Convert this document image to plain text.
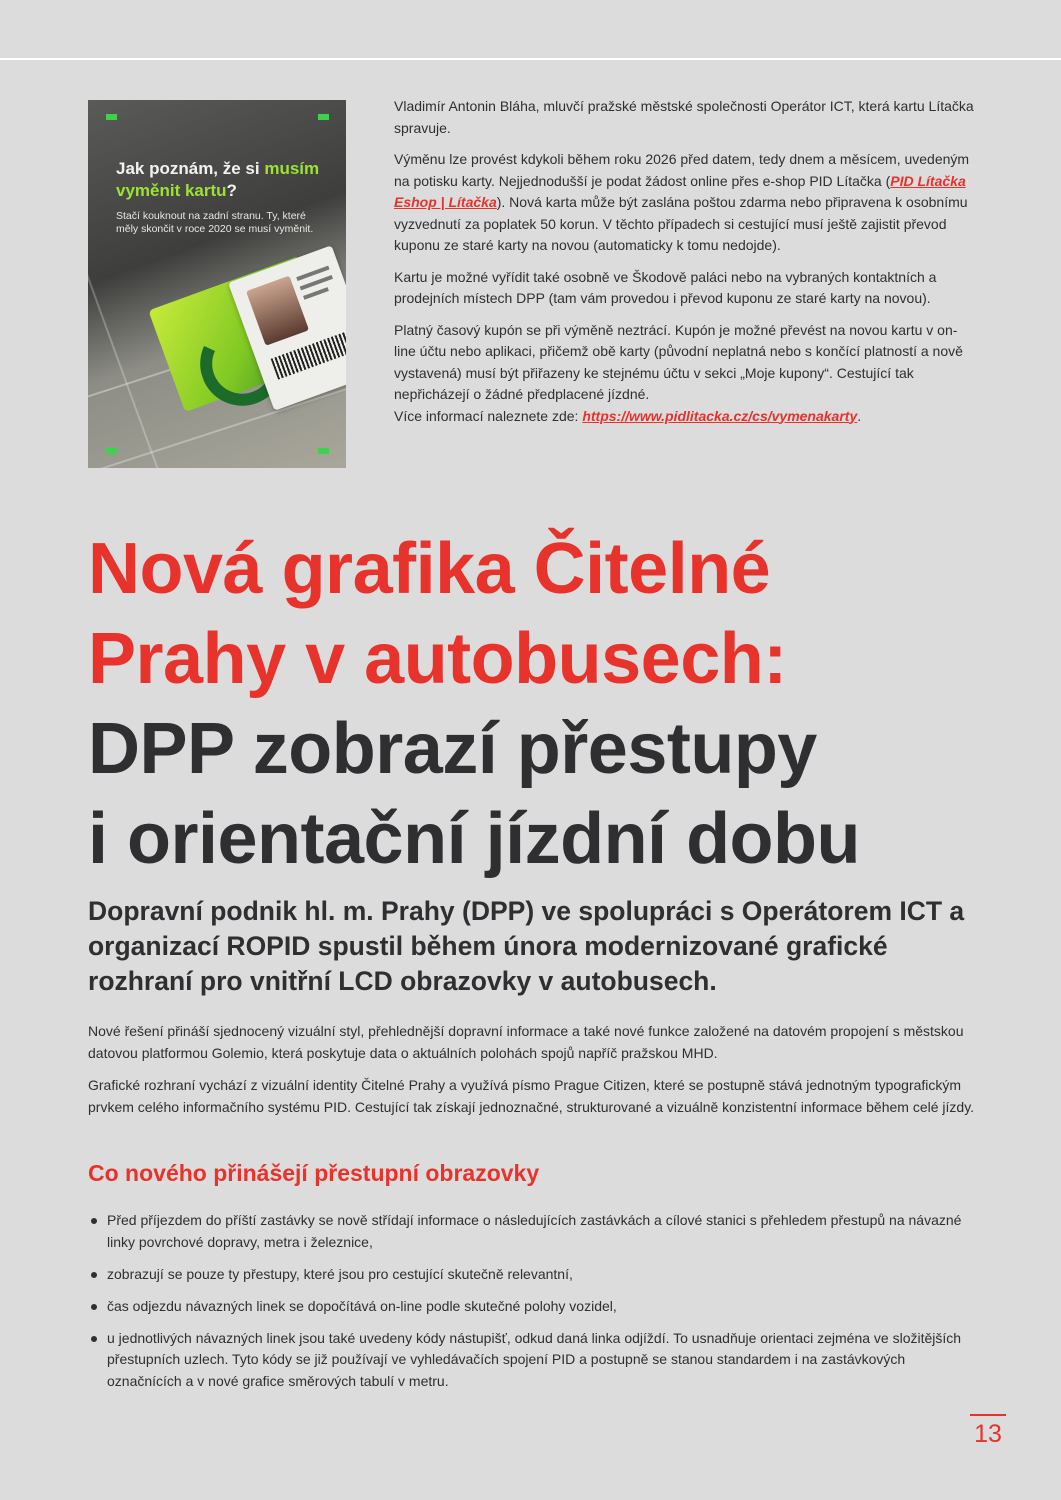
Jak poznám, že si musím vyměnit kartu?
Stačí kouknout na zadní stranu. Ty, které měly skončit v roce 2020 se musí vyměnit.

Vladimír Antonin Bláha, mluvčí pražské městské společnosti Operátor ICT, která kartu Lítačka spravuje.

Výměnu lze provést kdykoli během roku 2026 před datem, tedy dnem a měsícem, uvedeným na potisku karty. Nejjednodušší je podat žádost online přes e-shop PID Lítačka (PID Lítačka Eshop | Lítačka). Nová karta může být zaslána poštou zdarma nebo připravena k osobnímu vyzvednutí za poplatek 50 korun. V těchto případech si cestující musí ještě zajistit převod kuponu ze staré karty na novou (automaticky k tomu nedojde).

Kartu je možné vyřídit také osobně ve Škodově paláci nebo na vybraných kontaktních a prodejních místech DPP (tam vám provedou i převod kuponu ze staré karty na novou).

Platný časový kupón se při výměně neztrácí. Kupón je možné převést na novou kartu v on-line účtu nebo aplikaci, přičemž obě karty (původní neplatná nebo s končící platností a nově vystavená) musí být přiřazeny ke stejnému účtu v sekci „Moje kupony“. Cestující tak nepřicházejí o žádné předplacené jízdné.
Více informací naleznete zde: https://www.pidlitacka.cz/cs/vymenakarty.

Nová grafika Čitelné
Prahy v autobusech:
DPP zobrazí přestupy
i orientační jízdní dobu
Dopravní podnik hl. m. Prahy (DPP) ve spolupráci s Operátorem ICT a organizací ROPID spustil během února modernizované grafické rozhraní pro vnitřní LCD obrazovky v autobusech.

Nové řešení přináší sjednocený vizuální styl, přehlednější dopravní informace a také nové funkce založené na datovém propojení s městskou datovou platformou Golemio, která poskytuje data o aktuálních polohách spojů napříč pražskou MHD.

Grafické rozhraní vychází z vizuální identity Čitelné Prahy a využívá písmo Prague Citizen, které se postupně stává jednotným typografickým prvkem celého informačního systému PID. Cestující tak získají jednoznačné, strukturované a vizuálně konzistentní informace během celé jízdy.

Co nového přinášejí přestupní obrazovky
Před příjezdem do příští zastávky se nově střídají informace o následujících zastávkách a cílové stanici s přehledem přestupů na návazné linky povrchové dopravy, metra i železnice,
zobrazují se pouze ty přestupy, které jsou pro cestující skutečně relevantní,
čas odjezdu návazných linek se dopočítává on-line podle skutečné polohy vozidel,
u jednotlivých návazných linek jsou také uvedeny kódy nástupišť, odkud daná linka odjíždí. To usnadňuje orientaci zejména ve složitějších přestupních uzlech. Tyto kódy se již používají ve vyhledávačích spojení PID a postupně se stanou standardem i na zastávkových označnících a v nové grafice směrových tabulí v metru.
13
